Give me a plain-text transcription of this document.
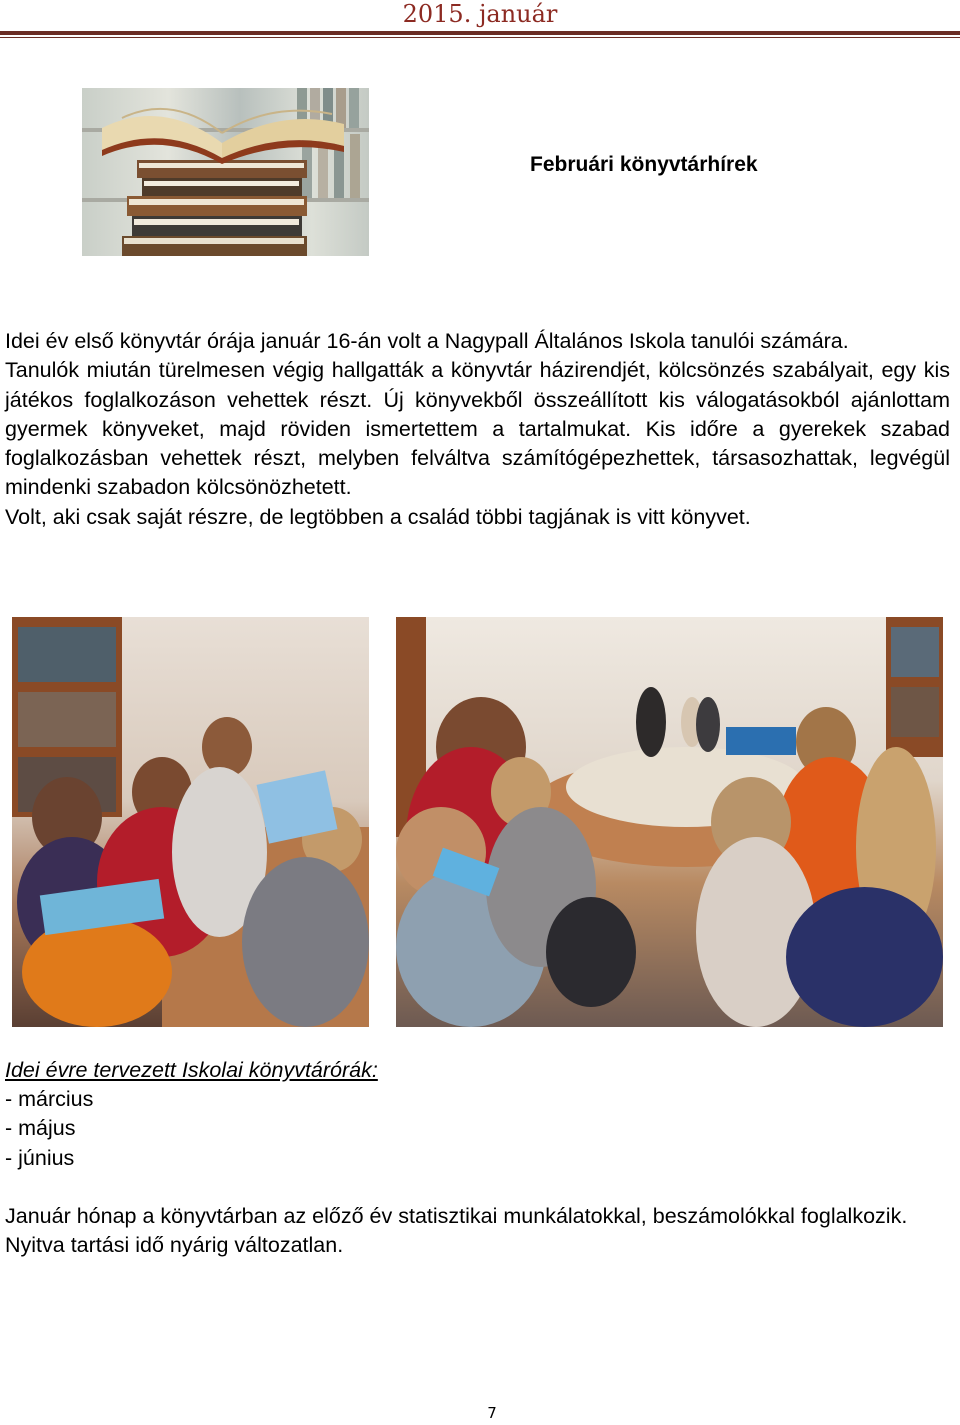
2015. január
Februári könyvtárhírek

Idei év első könyvtár órája január 16-án volt a Nagypall Általános Iskola tanulói számára.

Tanulók miután türelmesen végig hallgatták a könyvtár házirendjét, kölcsönzés szabályait, egy kis játékos foglalkozáson vehettek részt. Új könyvekből összeállított kis válogatásokból ajánlottam gyermek könyveket, majd röviden ismertettem a tartalmukat. Kis időre a gyerekek szabad foglalkozásban vehettek részt, melyben felváltva számítógépezhettek, társasozhattak, legvégül mindenki szabadon kölcsönözhetett.

Volt, aki csak saját részre, de legtöbben a család többi tagjának is vitt könyvet.

Idei évre tervezett Iskolai könyvtárórák:
- március
- május
- június

Január hónap a könyvtárban az előző év statisztikai munkálatokkal, beszámolókkal foglalkozik.

Nyitva tartási idő nyárig változatlan.

7
